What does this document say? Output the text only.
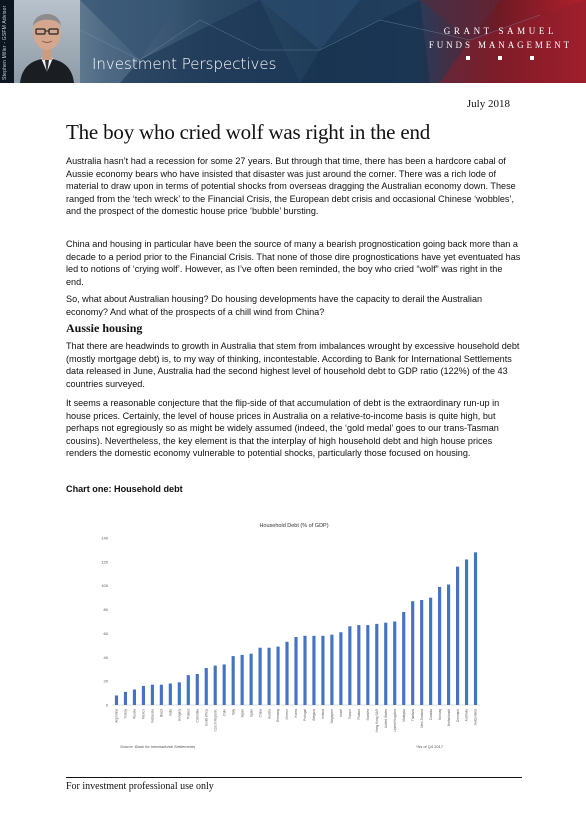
Stephen Miller - GSFM Advisor	Investment Perspectives
GRANT SAMUEL
FUNDS MANAGEMENT
July 2018
The boy who cried wolf was right in the end

Australia hasn’t had a recession for some 27 years. But through that time, there has been a hardcore cabal of Aussie economy bears who have insisted that disaster was just around the corner. There was a rich lode of material to draw upon in terms of potential shocks from overseas dragging the Australian economy down. These ranged from the ‘tech wreck’ to the Financial Crisis, the European debt crisis and occasional Chinese ‘wobbles’, and the prospect of the domestic house price ‘bubble’ bursting.

China and housing in particular have been the source of many a bearish prognostication going back more than a decade to a period prior to the Financial Crisis. That none of those dire prognostications have yet eventuated has led to notions of ‘crying wolf’. However, as I’ve often been reminded, the boy who cried “wolf” was right in the end.

So, what about Australian housing? Do housing developments have the capacity to derail the Australian economy? And what of the prospects of a chill wind from China?

Aussie housing

That there are headwinds to growth in Australia that stem from imbalances wrought by excessive household debt (mostly mortgage debt) is, to my way of thinking, incontestable. According to Bank for International Settlements data released in June, Australia had the second highest level of household debt to GDP ratio (122%) of the 43 countries surveyed.

It seems a reasonable conjecture that the flip-side of that accumulation of debt is the extraordinary run-up in house prices. Certainly, the level of house prices in Australia on a relative-to-income basis is quite high, but perhaps not egregiously so as might be widely assumed (indeed, the ‘gold medal’ goes to our trans-Tasman cousins). Nevertheless, the key element is that the interplay of high household debt and high house prices renders the domestic economy vulnerable to potential shocks, particularly those focused on housing.

Chart one: Household debt
Household Debt (% of GDP)
0
20
40
60
80
100
120
140
Argentina Turkey Russia Mexico Indonesia Brazil India Hungary Poland Colombia South Africa Czech Republic Chile Italy Japan Spain China Austria Germany Greece Korea Portugal Belgium Ireland Singapore Israel France Finland Sweden Hong Kong SAR United States United Kingdom Malaysia Thailand New Zealand Canada Norway Netherlands Denmark Australia Switzerland
Source: Bank for International Settlements	*As of Q4 2017
For investment professional use only
